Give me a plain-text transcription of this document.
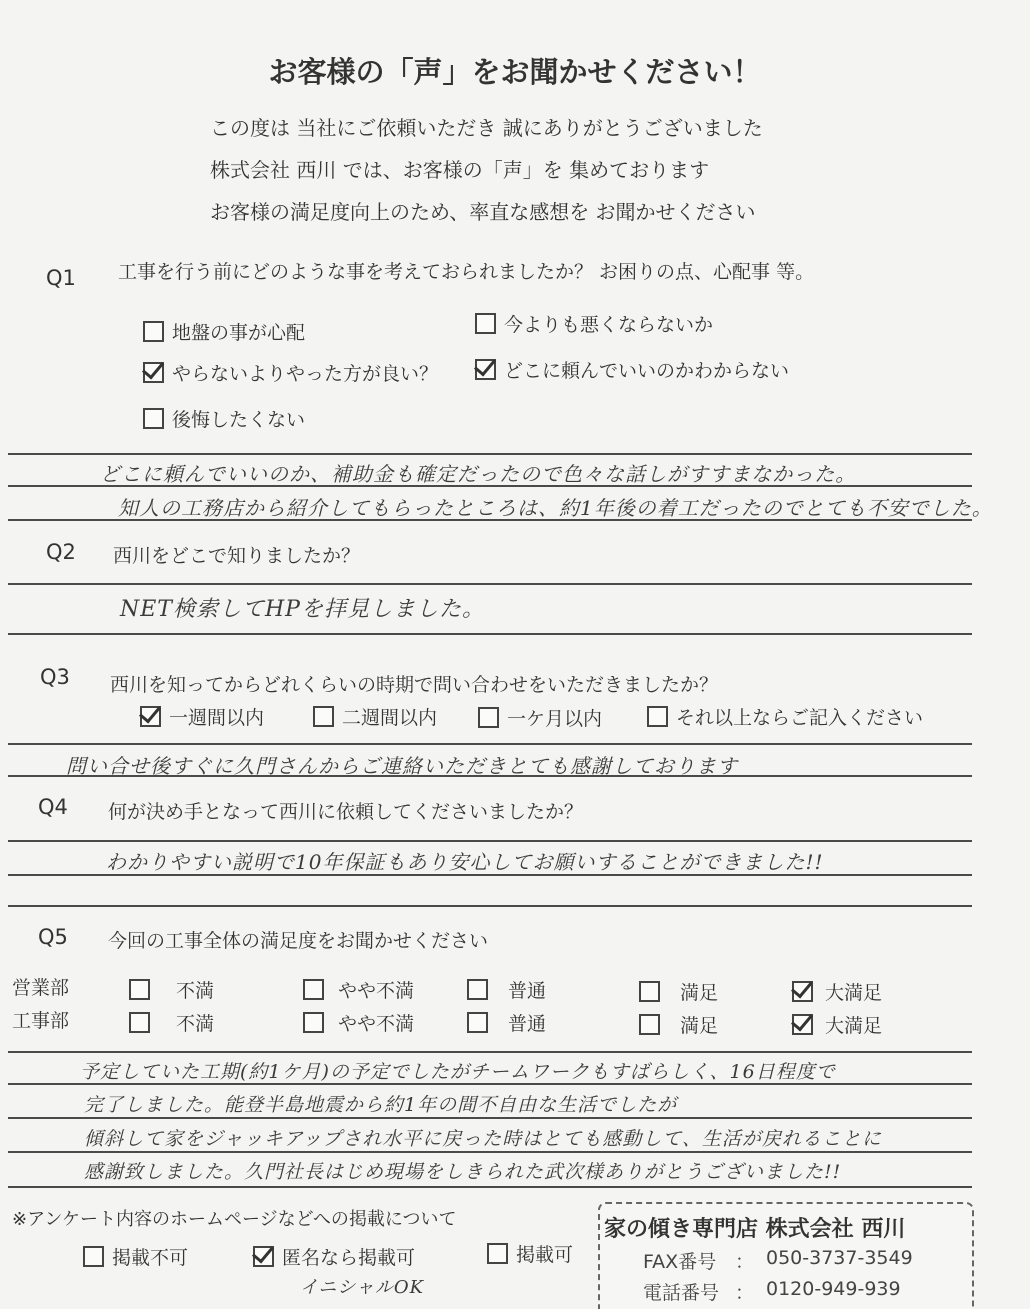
お客様の「声」をお聞かせください！
この度は 当社にご依頼いただき 誠にありがとうございました
株式会社 西川 では、お客様の「声」を 集めております
お客様の満足度向上のため、率直な感想を お聞かせください
Q1 工事を行う前にどのような事を考えておられましたか？ お困りの点、心配事 等。
地盤の事が心配	今よりも悪くならないか
やらないよりやった方が良い？	どこに頼んでいいのかわからない
後悔したくない
どこに頼んでいいのか、補助金も確定だったので色々な話しがすすまなかった。
知人の工務店から紹介してもらったところは、約1年後の着工だったのでとても不安でした。
Q2 西川をどこで知りましたか？
NET検索してHPを拝見しました。
Q3 西川を知ってからどれくらいの時期で問い合わせをいただきましたか？
一週間以内	二週間以内	一ケ月以内	それ以上ならご記入ください
問い合せ後すぐに久門さんからご連絡いただきとても感謝しております
Q4 何が決め手となって西川に依頼してくださいましたか？
わかりやすい説明で10年保証もあり安心してお願いすることができました!!
Q5 今回の工事全体の満足度をお聞かせください
営業部	不満	やや不満	普通	満足	大満足
工事部	不満	やや不満	普通	満足	大満足
予定していた工期(約1ケ月)の予定でしたがチームワークもすばらしく、16日程度で
完了しました。能登半島地震から約1年の間不自由な生活でしたが
傾斜して家をジャッキアップされ水平に戻った時はとても感動して、生活が戻れることに
感謝致しました。久門社長はじめ現場をしきられた武次様ありがとうございました!!
※アンケート内容のホームページなどへの掲載について
掲載不可	匿名なら掲載可	掲載可
イニシャルOK
家の傾き専門店 株式会社 西川
FAX番号 ： 050-3737-3549
電話番号 ： 0120-949-939
